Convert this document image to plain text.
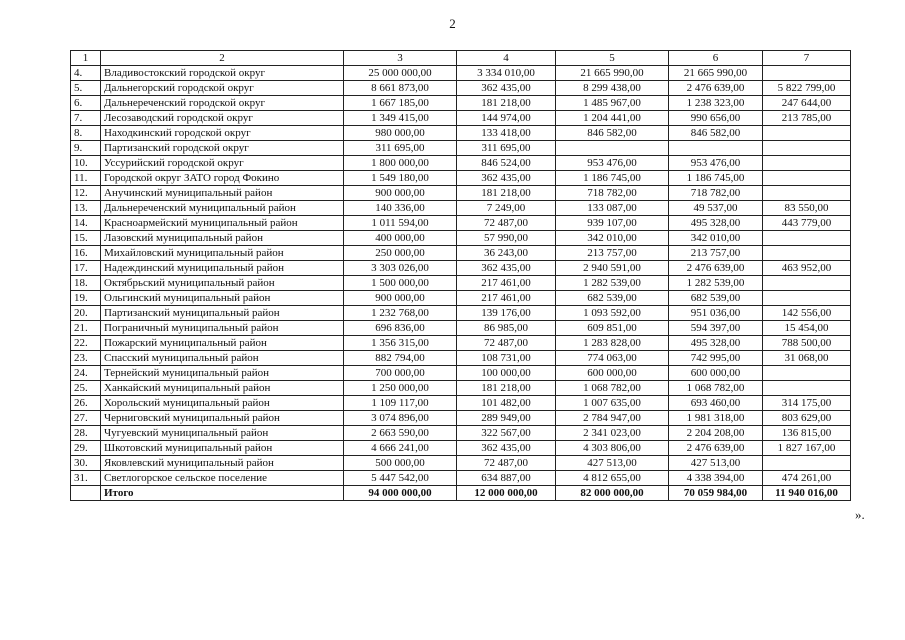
2
1	2	3	4	5	6	7
4.	Владивостокский городской округ	25 000 000,00	3 334 010,00	21 665 990,00	21 665 990,00	
5.	Дальнегорский городской округ	8 661 873,00	362 435,00	8 299 438,00	2 476 639,00	5 822 799,00
6.	Дальнереченский городской округ	1 667 185,00	181 218,00	1 485 967,00	1 238 323,00	247 644,00
7.	Лесозаводский городской округ	1 349 415,00	144 974,00	1 204 441,00	990 656,00	213 785,00
8.	Находкинский городской округ	980 000,00	133 418,00	846 582,00	846 582,00	
9.	Партизанский городской округ	311 695,00	311 695,00			
10.	Уссурийский городской округ	1 800 000,00	846 524,00	953 476,00	953 476,00	
11.	Городской округ ЗАТО город Фокино	1 549 180,00	362 435,00	1 186 745,00	1 186 745,00	
12.	Анучинский муниципальный район	900 000,00	181 218,00	718 782,00	718 782,00	
13.	Дальнереченский муниципальный район	140 336,00	7 249,00	133 087,00	49 537,00	83 550,00
14.	Красноармейский муниципальный район	1 011 594,00	72 487,00	939 107,00	495 328,00	443 779,00
15.	Лазовский муниципальный район	400 000,00	57 990,00	342 010,00	342 010,00	
16.	Михайловский муниципальный район	250 000,00	36 243,00	213 757,00	213 757,00	
17.	Надеждинский муниципальный район	3 303 026,00	362 435,00	2 940 591,00	2 476 639,00	463 952,00
18.	Октябрьский муниципальный район	1 500 000,00	217 461,00	1 282 539,00	1 282 539,00	
19.	Ольгинский муниципальный район	900 000,00	217 461,00	682 539,00	682 539,00	
20.	Партизанский муниципальный район	1 232 768,00	139 176,00	1 093 592,00	951 036,00	142 556,00
21.	Пограничный муниципальный район	696 836,00	86 985,00	609 851,00	594 397,00	15 454,00
22.	Пожарский муниципальный район	1 356 315,00	72 487,00	1 283 828,00	495 328,00	788 500,00
23.	Спасский муниципальный район	882 794,00	108 731,00	774 063,00	742 995,00	31 068,00
24.	Тернейский муниципальный район	700 000,00	100 000,00	600 000,00	600 000,00	
25.	Ханкайский муниципальный район	1 250 000,00	181 218,00	1 068 782,00	1 068 782,00	
26.	Хорольский муниципальный район	1 109 117,00	101 482,00	1 007 635,00	693 460,00	314 175,00
27.	Черниговский муниципальный район	3 074 896,00	289 949,00	2 784 947,00	1 981 318,00	803 629,00
28.	Чугуевский муниципальный район	2 663 590,00	322 567,00	2 341 023,00	2 204 208,00	136 815,00
29.	Шкотовский муниципальный район	4 666 241,00	362 435,00	4 303 806,00	2 476 639,00	1 827 167,00
30.	Яковлевский муниципальный район	500 000,00	72 487,00	427 513,00	427 513,00	
31.	Светлогорское сельское поселение	5 447 542,00	634 887,00	4 812 655,00	4 338 394,00	474 261,00
	Итого	94 000 000,00	12 000 000,00	82 000 000,00	70 059 984,00	11 940 016,00
».
